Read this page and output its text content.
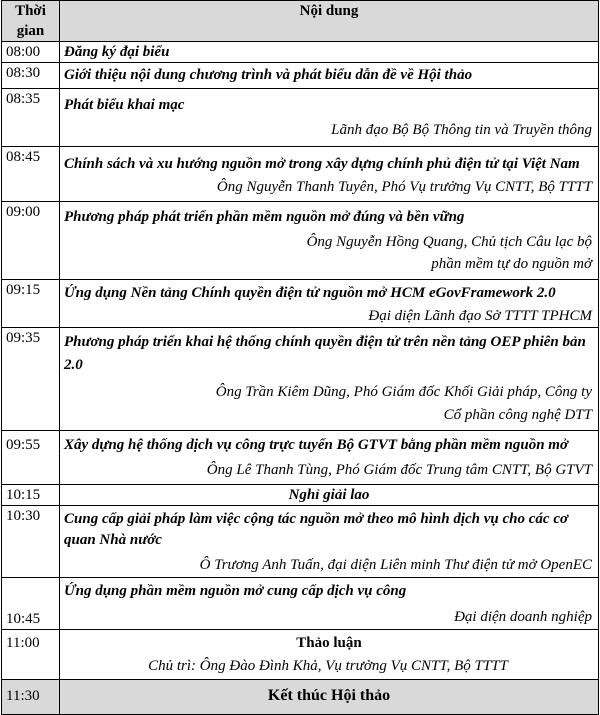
Thời gian	Nội dung
08:00	Đăng ký đại biểu

08:30	Giới thiệu nội dung chương trình và phát biểu dẫn đề về Hội thảo

08:35	Phát biểu khai mạc
Lãnh đạo Bộ Bộ Thông tin và Truyền thông

08:45	Chính sách và xu hướng nguồn mở trong xây dựng chính phủ điện tử tại Việt Nam
Ông Nguyễn Thanh Tuyên, Phó Vụ trưởng Vụ CNTT, Bộ TTTT

09:00	Phương pháp phát triển phần mềm nguồn mở đúng và bền vững
Ông Nguyễn Hồng Quang, Chủ tịch Câu lạc bộ phần mềm tự do nguồn mở

09:15	Ứng dụng Nền tảng Chính quyền điện tử nguồn mở HCM eGovFramework 2.0
Đại diện Lãnh đạo Sở TTTT TPHCM

09:35	Phương pháp triển khai hệ thống chính quyền điện tử trên nền tảng OEP phiên bản 2.0
Ông Trần Kiêm Dũng, Phó Giám đốc Khối Giải pháp, Công ty Cổ phần công nghệ DTT

09:55	Xây dựng hệ thống dịch vụ công trực tuyến Bộ GTVT bằng phần mềm nguồn mở
Ông Lê Thanh Tùng, Phó Giám đốc Trung tâm CNTT, Bộ GTVT

10:15	Nghỉ giải lao

10:30	Cung cấp giải pháp làm việc cộng tác nguồn mở theo mô hình dịch vụ cho các cơ quan Nhà nước
Ô Trương Anh Tuấn, đại diện Liên minh Thư điện tử mở OpenEC

10:45	Ứng dụng phần mềm nguồn mở cung cấp dịch vụ công
Đại diện doanh nghiệp

11:00	Thảo luận
Chủ trì: Ông Đào Đình Khả, Vụ trưởng Vụ CNTT, Bộ TTTT

11:30	Kết thúc Hội thảo
